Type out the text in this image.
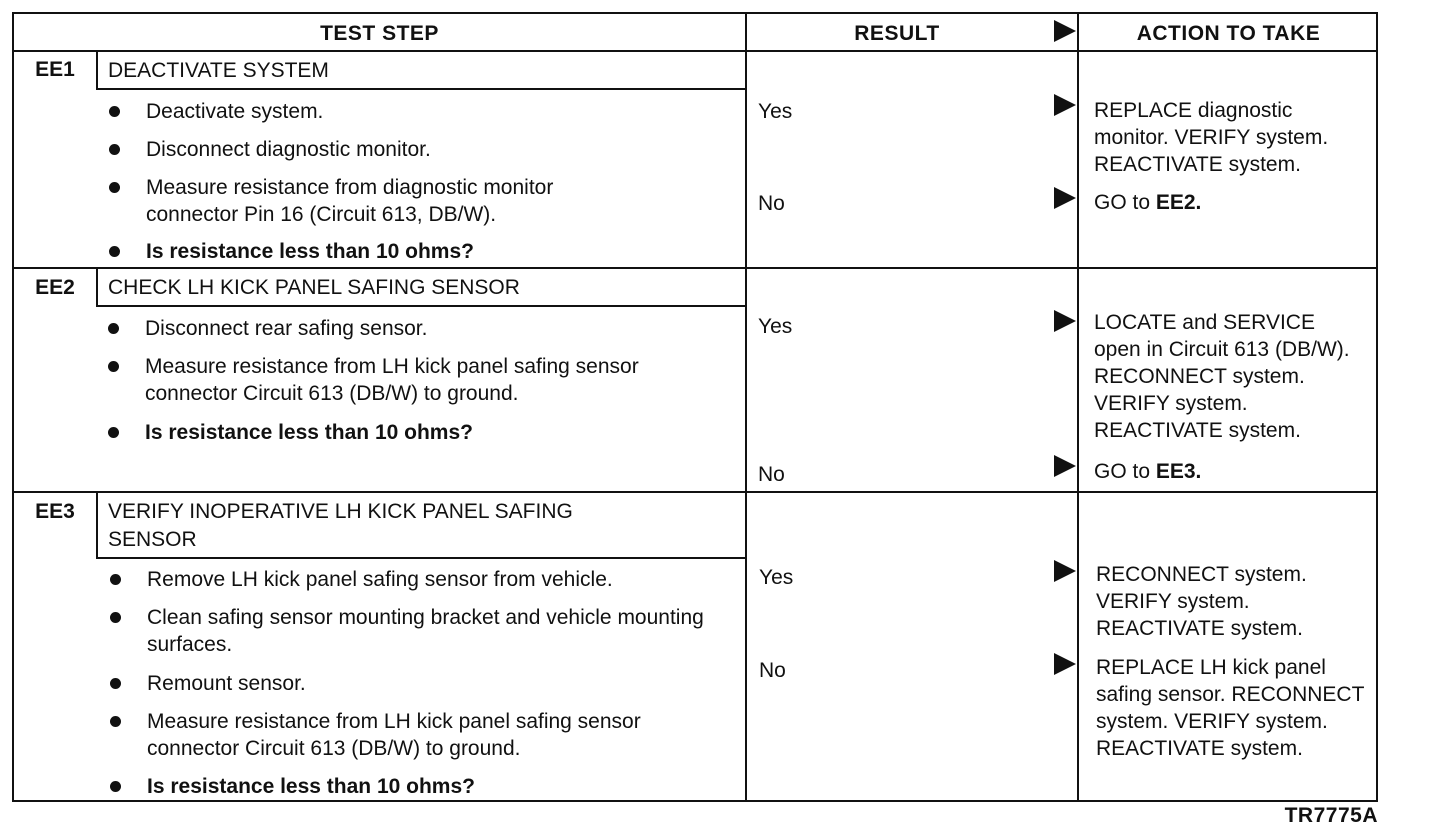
TEST STEP	RESULT	ACTION TO TAKE
EE1	DEACTIVATE SYSTEM
Deactivate system.
Disconnect diagnostic monitor.
Measure resistance from diagnostic monitor connector Pin 16 (Circuit 613, DB/W).
Is resistance less than 10 ohms?
Yes	REPLACE diagnostic monitor. VERIFY system. REACTIVATE system.
No	GO to EE2.
EE2	CHECK LH KICK PANEL SAFING SENSOR
Disconnect rear safing sensor.
Measure resistance from LH kick panel safing sensor connector Circuit 613 (DB/W) to ground.
Is resistance less than 10 ohms?
Yes	LOCATE and SERVICE open in Circuit 613 (DB/W). RECONNECT system. VERIFY system. REACTIVATE system.
No	GO to EE3.
EE3	VERIFY INOPERATIVE LH KICK PANEL SAFING SENSOR
Remove LH kick panel safing sensor from vehicle.
Clean safing sensor mounting bracket and vehicle mounting surfaces.
Remount sensor.
Measure resistance from LH kick panel safing sensor connector Circuit 613 (DB/W) to ground.
Is resistance less than 10 ohms?
Yes	RECONNECT system. VERIFY system. REACTIVATE system.
No	REPLACE LH kick panel safing sensor. RECONNECT system. VERIFY system. REACTIVATE system.
TR7775A
